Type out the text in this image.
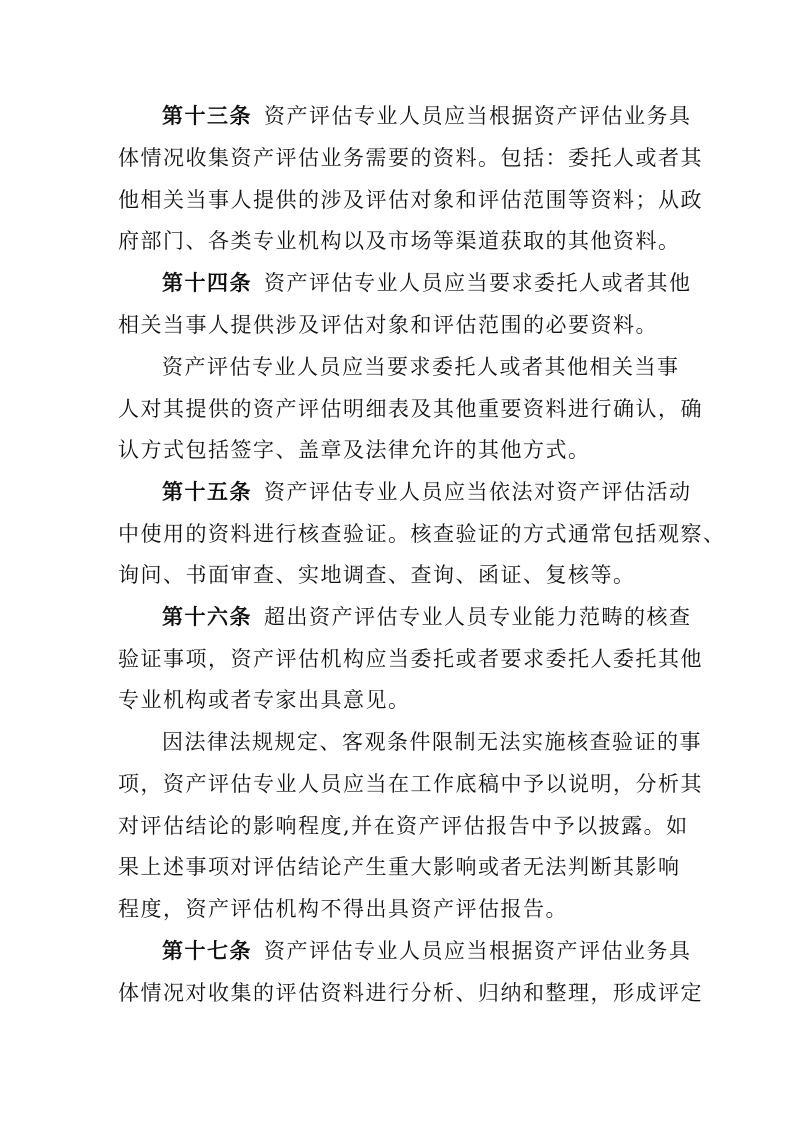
第十三条 资产评估专业人员应当根据资产评估业务具
体情况收集资产评估业务需要的资料。包括：委托人或者其
他相关当事人提供的涉及评估对象和评估范围等资料；从政
府部门、各类专业机构以及市场等渠道获取的其他资料。
第十四条 资产评估专业人员应当要求委托人或者其他
相关当事人提供涉及评估对象和评估范围的必要资料。
资产评估专业人员应当要求委托人或者其他相关当事
人对其提供的资产评估明细表及其他重要资料进行确认，确
认方式包括签字、盖章及法律允许的其他方式。
第十五条 资产评估专业人员应当依法对资产评估活动
中使用的资料进行核查验证。核查验证的方式通常包括观察、
询问、书面审查、实地调查、查询、函证、复核等。
第十六条 超出资产评估专业人员专业能力范畴的核查
验证事项，资产评估机构应当委托或者要求委托人委托其他
专业机构或者专家出具意见。
因法律法规规定、客观条件限制无法实施核查验证的事
项，资产评估专业人员应当在工作底稿中予以说明，分析其
对评估结论的影响程度,并在资产评估报告中予以披露。如
果上述事项对评估结论产生重大影响或者无法判断其影响
程度，资产评估机构不得出具资产评估报告。
第十七条 资产评估专业人员应当根据资产评估业务具
体情况对收集的评估资料进行分析、归纳和整理，形成评定
